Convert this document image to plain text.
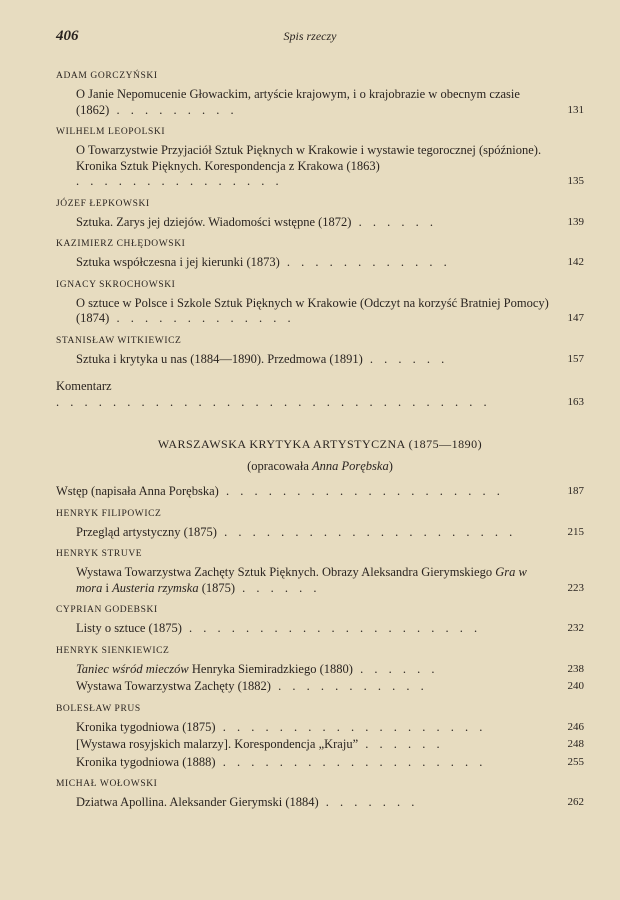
406	Spis rzeczy
ADAM GORCZYŃSKI
O Janie Nepomucenie Głowackim, artyście krajowym, i o krajobrazie w obecnym czasie (1862) . . . . . . . . .	131
WILHELM LEOPOLSKI
O Towarzystwie Przyjaciół Sztuk Pięknych w Krakowie i wystawie tegorocznej (spóźnione). Kronika Sztuk Pięknych. Korespondencja z Krakowa (1863) . . . . . . . . . . . . . . .	135
JÓZEF ŁEPKOWSKI
Sztuka. Zarys jej dziejów. Wiadomości wstępne (1872) . . . . . .	139
KAZIMIERZ CHŁĘDOWSKI
Sztuka współczesna i jej kierunki (1873) . . . . . . . . . . . .	142
IGNACY SKROCHOWSKI
O sztuce w Polsce i Szkole Sztuk Pięknych w Krakowie (Odczyt na korzyść Bratniej Pomocy) (1874) . . . . . . . . . . . . .	147
STANISŁAW WITKIEWICZ
Sztuka i krytyka u nas (1884—1890). Przedmowa (1891) . . . . . .	157
Komentarz . . . . . . . . . . . . . . . . . . . . . . . . . . . . . . .	163
WARSZAWSKA KRYTYKA ARTYSTYCZNA (1875—1890)
(opracowała Anna Porębska)
Wstęp (napisała Anna Porębska) . . . . . . . . . . . . . . . . . . . .	187
HENRYK FILIPOWICZ
Przegląd artystyczny (1875) . . . . . . . . . . . . . . . . . . . . .	215
HENRYK STRUVE
Wystawa Towarzystwa Zachęty Sztuk Pięknych. Obrazy Aleksandra Gierymskiego Gra w mora i Austeria rzymska (1875) . . . . . .	223
CYPRIAN GODEBSKI
Listy o sztuce (1875) . . . . . . . . . . . . . . . . . . . . .	232
HENRYK SIENKIEWICZ
Taniec wśród mieczów Henryka Siemiradzkiego (1880) . . . . . .	238
Wystawa Towarzystwa Zachęty (1882) . . . . . . . . . . .	240
BOLESŁAW PRUS
Kronika tygodniowa (1875) . . . . . . . . . . . . . . . . . . .	246
[Wystawa rosyjskich malarzy]. Korespondencja „Kraju” . . . . . .	248
Kronika tygodniowa (1888) . . . . . . . . . . . . . . . . . . .	255
MICHAŁ WOŁOWSKI
Dziatwa Apollina. Aleksander Gierymski (1884) . . . . . . .	262
